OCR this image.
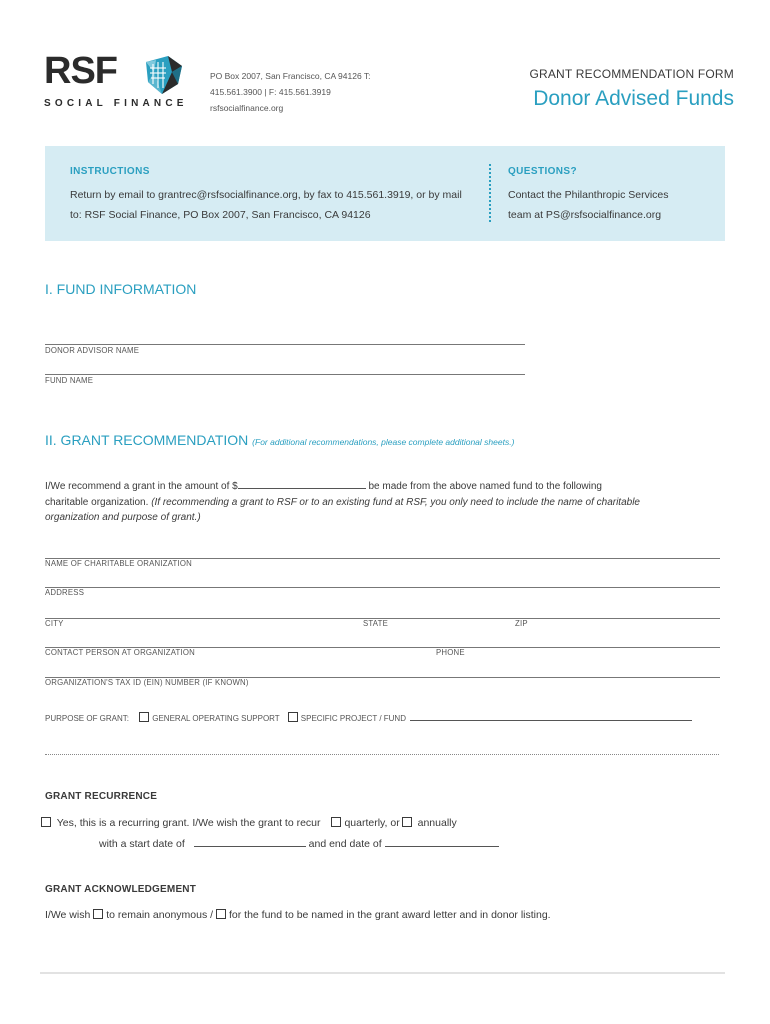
RSF
SOCIAL FINANCE
PO Box 2007, San Francisco, CA 94126 T:
415.561.3900 | F: 415.561.3919
rsfsocialfinance.org
GRANT RECOMMENDATION FORM
Donor Advised Funds
INSTRUCTIONS
Return by email to grantrec@rsfsocialfinance.org, by fax to 415.561.3919, or by mail
to: RSF Social Finance, PO Box 2007, San Francisco, CA 94126
QUESTIONS?
Contact the Philanthropic Services
team at PS@rsfsocialfinance.org
I. FUND INFORMATION
DONOR ADVISOR NAME
FUND NAME
II. GRANT RECOMMENDATION (For additional recommendations, please complete additional sheets.)
I/We recommend a grant in the amount of $	be made from the above named fund to the following
charitable organization. (If recommending a grant to RSF or to an existing fund at RSF, you only need to include the name of charitable
organization and purpose of grant.)
NAME OF CHARITABLE ORANIZATION
ADDRESS
CITY	STATE	ZIP
CONTACT PERSON AT ORGANIZATION	PHONE
ORGANIZATION'S TAX ID (EIN) NUMBER (IF KNOWN)
PURPOSE OF GRANT:	GENERAL OPERATING SUPPORT	SPECIFIC PROJECT / FUND
GRANT RECURRENCE
Yes, this is a recurring grant. I/We wish the grant to recur quarterly, or annually
with a start date of	and end date of
GRANT ACKNOWLEDGEMENT
I/We wish to remain anonymous / for the fund to be named in the grant award letter and in donor listing.
